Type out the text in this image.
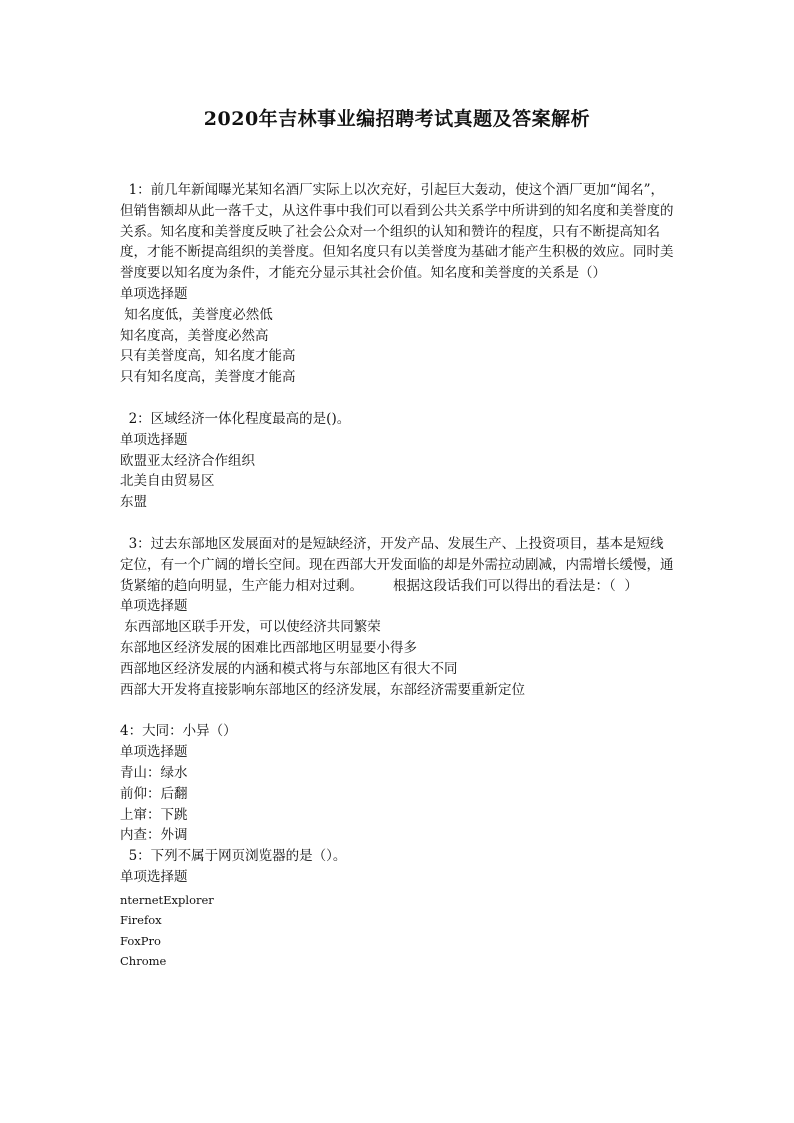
2020年吉林事业编招聘考试真题及答案解析

1：前几年新闻曝光某知名酒厂实际上以次充好，引起巨大轰动，使这个酒厂更加“闻名”，但销售额却从此一落千丈，从这件事中我们可以看到公共关系学中所讲到的知名度和美誉度的关系。知名度和美誉度反映了社会公众对一个组织的认知和赞许的程度，只有不断提高知名度，才能不断提高组织的美誉度。但知名度只有以美誉度为基础才能产生积极的效应。同时美誉度要以知名度为条件，才能充分显示其社会价值。知名度和美誉度的关系是（）

单项选择题
知名度低，美誉度必然低
知名度高，美誉度必然高
只有美誉度高，知名度才能高
只有知名度高，美誉度才能高

2：区域经济一体化程度最高的是()。

单项选择题
欧盟亚太经济合作组织
北美自由贸易区
东盟

3：过去东部地区发展面对的是短缺经济，开发产品、发展生产、上投资项目，基本是短线定位，有一个广阔的增长空间。现在西部大开发面临的却是外需拉动剧减，内需增长缓慢，通货紧缩的趋向明显，生产能力相对过剩。       根据这段话我们可以得出的看法是：（  ）

单项选择题
东西部地区联手开发，可以使经济共同繁荣
东部地区经济发展的困难比西部地区明显要小得多
西部地区经济发展的内涵和模式将与东部地区有很大不同
西部大开发将直接影响东部地区的经济发展，东部经济需要重新定位

4：大同：小异（）

单项选择题
青山：绿水
前仰：后翻
上窜：下跳
内查：外调

5：下列不属于网页浏览器的是（）。

单项选择题
nternetExplorer
Firefox
FoxPro
Chrome
